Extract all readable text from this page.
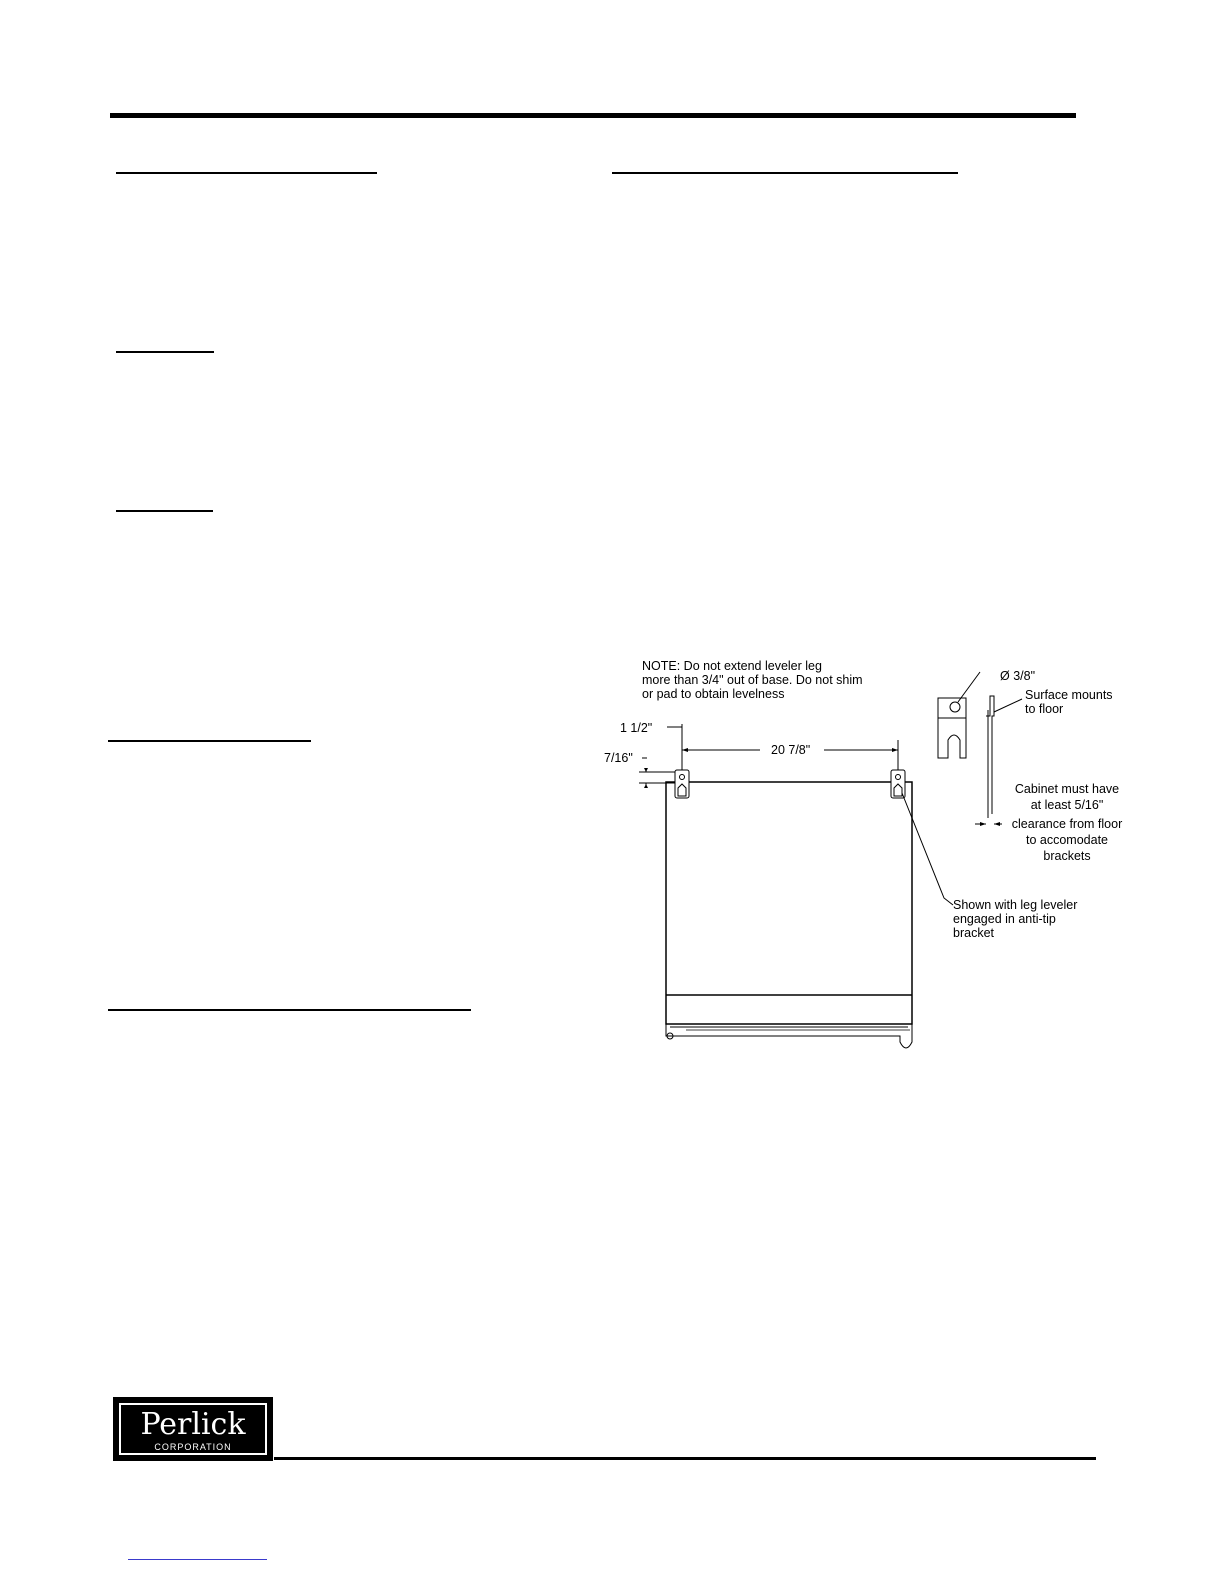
NOTE: Do not extend leveler leg
more than 3/4" out of base. Do not shim
or pad to obtain levelness
1 1/2"
7/16"
20 7/8"
Shown with leg leveler
engaged in anti-tip
bracket
Ø 3/8"
Surface mounts
to floor
Cabinet must have
at least 5/16"
clearance from floor
to accomodate
brackets
Perlick
CORPORATION
